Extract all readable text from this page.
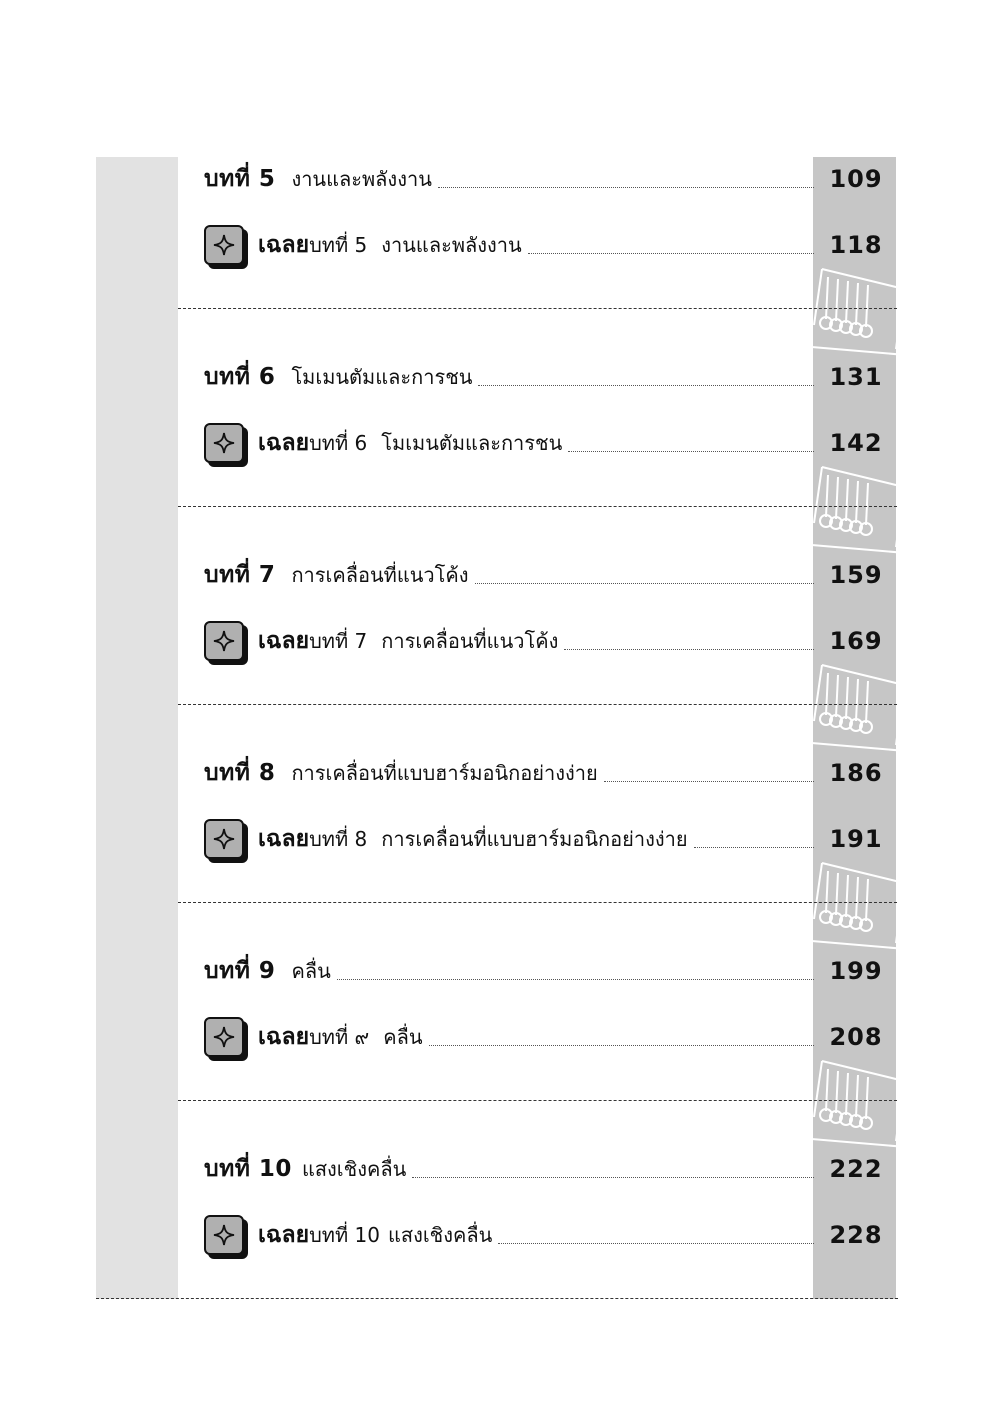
บทที่ 5 งานและพลังงาน	109
เฉลย บทที่ 5 งานและพลังงาน	118
บทที่ 6 โมเมนตัมและการชน	131
เฉลย บทที่ 6 โมเมนตัมและการชน	142
บทที่ 7 การเคลื่อนที่แนวโค้ง	159
เฉลย บทที่ 7 การเคลื่อนที่แนวโค้ง	169
บทที่ 8 การเคลื่อนที่แบบฮาร์มอนิกอย่างง่าย	186
เฉลย บทที่ 8 การเคลื่อนที่แบบฮาร์มอนิกอย่างง่าย	191
บทที่ 9 คลื่น	199
เฉลย บทที่ ๙ คลื่น	208
บทที่ 10 แสงเชิงคลื่น	222
เฉลย บทที่ 10 แสงเชิงคลื่น	228
